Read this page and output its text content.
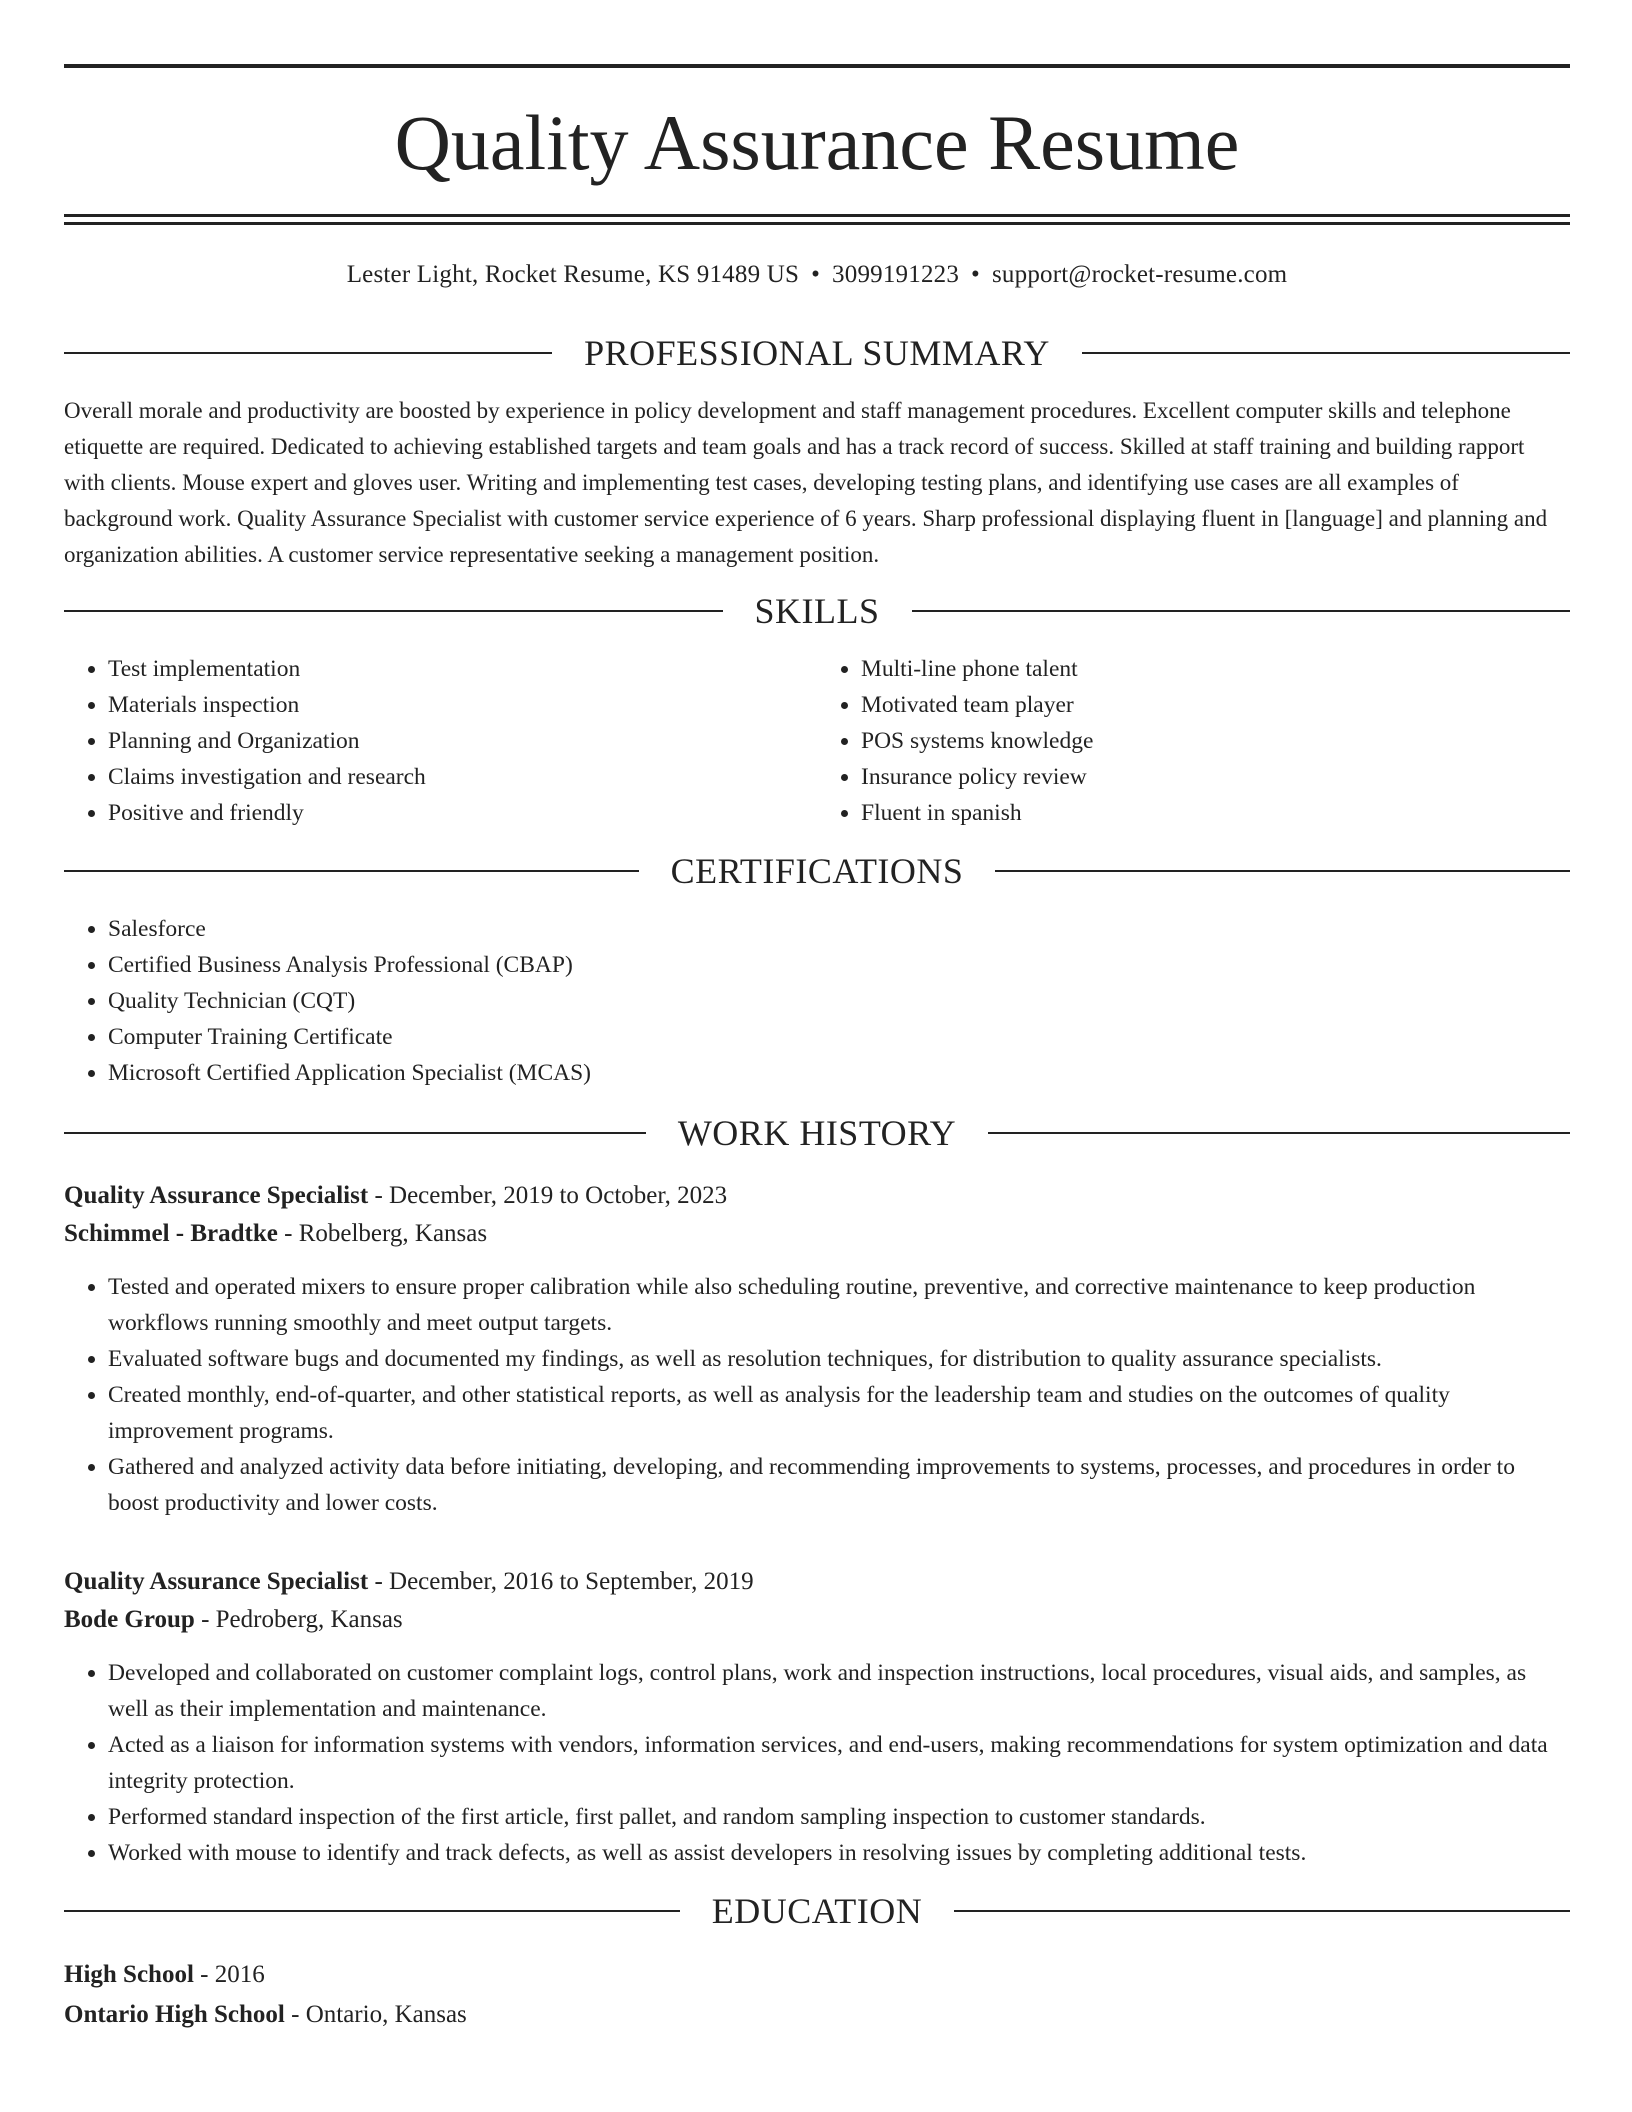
Quality Assurance Resume
Lester Light, Rocket Resume, KS 91489 US • 3099191223 • support@rocket-resume.com
PROFESSIONAL SUMMARY

Overall morale and productivity are boosted by experience in policy development and staff management procedures. Excellent computer skills and telephone etiquette are required. Dedicated to achieving established targets and team goals and has a track record of success. Skilled at staff training and building rapport with clients. Mouse expert and gloves user. Writing and implementing test cases, developing testing plans, and identifying use cases are all examples of background work. Quality Assurance Specialist with customer service experience of 6 years. Sharp professional displaying fluent in [language] and planning and organization abilities. A customer service representative seeking a management position.

SKILLS
• Test implementation
• Materials inspection
• Planning and Organization
• Claims investigation and research
• Positive and friendly
• Multi-line phone talent
• Motivated team player
• POS systems knowledge
• Insurance policy review
• Fluent in spanish
CERTIFICATIONS
• Salesforce
• Certified Business Analysis Professional (CBAP)
• Quality Technician (CQT)
• Computer Training Certificate
• Microsoft Certified Application Specialist (MCAS)
WORK HISTORY
Quality Assurance Specialist - December, 2019 to October, 2023
Schimmel - Bradtke - Robelberg, Kansas
• Tested and operated mixers to ensure proper calibration while also scheduling routine, preventive, and corrective maintenance to keep production workflows running smoothly and meet output targets.
• Evaluated software bugs and documented my findings, as well as resolution techniques, for distribution to quality assurance specialists.
• Created monthly, end-of-quarter, and other statistical reports, as well as analysis for the leadership team and studies on the outcomes of quality improvement programs.
• Gathered and analyzed activity data before initiating, developing, and recommending improvements to systems, processes, and procedures in order to boost productivity and lower costs.
Quality Assurance Specialist - December, 2016 to September, 2019
Bode Group - Pedroberg, Kansas
• Developed and collaborated on customer complaint logs, control plans, work and inspection instructions, local procedures, visual aids, and samples, as well as their implementation and maintenance.
• Acted as a liaison for information systems with vendors, information services, and end-users, making recommendations for system optimization and data integrity protection.
• Performed standard inspection of the first article, first pallet, and random sampling inspection to customer standards.
• Worked with mouse to identify and track defects, as well as assist developers in resolving issues by completing additional tests.
EDUCATION
High School - 2016
Ontario High School - Ontario, Kansas
